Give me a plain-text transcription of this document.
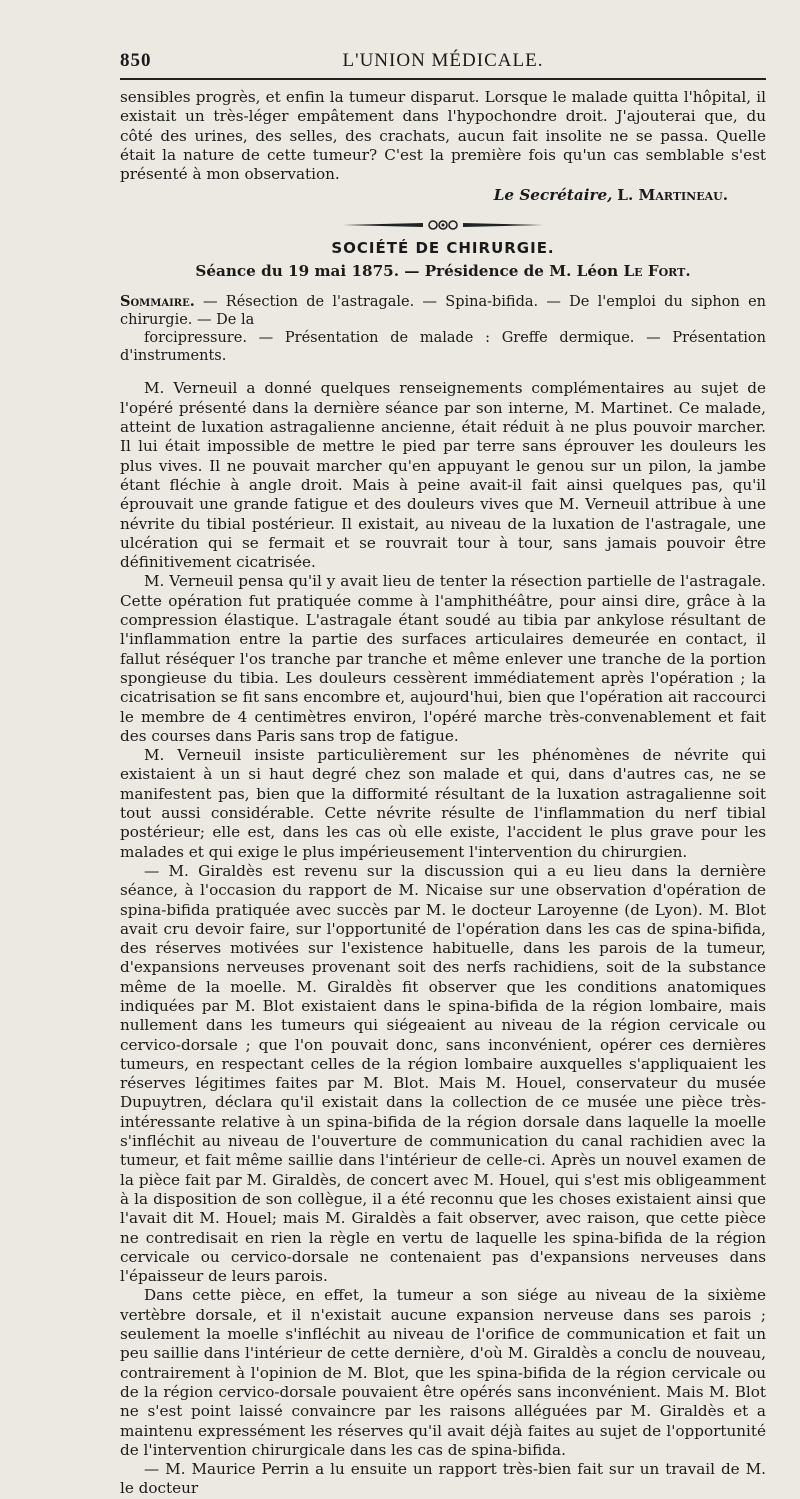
850	L'UNION MÉDICALE.

sensibles progrès, et enfin la tumeur disparut. Lorsque le malade quitta l'hôpital, il existait un très-léger empâtement dans l'hypochondre droit. J'ajouterai que, du côté des urines, des selles, des crachats, aucun fait insolite ne se passa. Quelle était la nature de cette tumeur? C'est la première fois qu'un cas semblable s'est présenté à mon observation.

Le Secrétaire, L. Martineau.
SOCIÉTÉ DE CHIRURGIE.
Séance du 19 mai 1875. — Présidence de M. Léon Le Fort.
Sommaire. — Résection de l'astragale. — Spina-bifida. — De l'emploi du siphon en chirurgie. — De la
forcipressure. — Présentation de malade : Greffe dermique. — Présentation d'instruments.

M. Verneuil a donné quelques renseignements complémentaires au sujet de l'opéré présenté dans la dernière séance par son interne, M. Martinet. Ce malade, atteint de luxation astragalienne ancienne, était réduit à ne plus pouvoir marcher. Il lui était impossible de mettre le pied par terre sans éprouver les douleurs les plus vives. Il ne pouvait marcher qu'en appuyant le genou sur un pilon, la jambe étant fléchie à angle droit. Mais à peine avait-il fait ainsi quelques pas, qu'il éprouvait une grande fatigue et des douleurs vives que M. Verneuil attribue à une névrite du tibial postérieur. Il existait, au niveau de la luxation de l'astragale, une ulcération qui se fermait et se rouvrait tour à tour, sans jamais pouvoir être définitivement cicatrisée.

M. Verneuil pensa qu'il y avait lieu de tenter la résection partielle de l'astragale. Cette opération fut pratiquée comme à l'amphithéâtre, pour ainsi dire, grâce à la compression élastique. L'astragale étant soudé au tibia par ankylose résultant de l'inflammation entre la partie des surfaces articulaires demeurée en contact, il fallut réséquer l'os tranche par tranche et même enlever une tranche de la portion spongieuse du tibia. Les douleurs cessèrent immédiatement après l'opération ; la cicatrisation se fit sans encombre et, aujourd'hui, bien que l'opération ait raccourci le membre de 4 centimètres environ, l'opéré marche très-convenablement et fait des courses dans Paris sans trop de fatigue.

M. Verneuil insiste particulièrement sur les phénomènes de névrite qui existaient à un si haut degré chez son malade et qui, dans d'autres cas, ne se manifestent pas, bien que la difformité résultant de la luxation astragalienne soit tout aussi considérable. Cette névrite résulte de l'inflammation du nerf tibial postérieur; elle est, dans les cas où elle existe, l'accident le plus grave pour les malades et qui exige le plus impérieusement l'intervention du chirurgien.

— M. Giraldès est revenu sur la discussion qui a eu lieu dans la dernière séance, à l'occasion du rapport de M. Nicaise sur une observation d'opération de spina-bifida pratiquée avec succès par M. le docteur Laroyenne (de Lyon). M. Blot avait cru devoir faire, sur l'opportunité de l'opération dans les cas de spina-bifida, des réserves motivées sur l'existence habituelle, dans les parois de la tumeur, d'expansions nerveuses provenant soit des nerfs rachidiens, soit de la substance même de la moelle. M. Giraldès fit observer que les conditions anatomiques indiquées par M. Blot existaient dans le spina-bifida de la région lombaire, mais nullement dans les tumeurs qui siégeaient au niveau de la région cervicale ou cervico-dorsale ; que l'on pouvait donc, sans inconvénient, opérer ces dernières tumeurs, en respectant celles de la région lombaire auxquelles s'appliquaient les réserves légitimes faites par M. Blot. Mais M. Houel, conservateur du musée Dupuytren, déclara qu'il existait dans la collection de ce musée une pièce très-intéressante relative à un spina-bifida de la région dorsale dans laquelle la moelle s'infléchit au niveau de l'ouverture de communication du canal rachidien avec la tumeur, et fait même saillie dans l'intérieur de celle-ci. Après un nouvel examen de la pièce fait par M. Giraldès, de concert avec M. Houel, qui s'est mis obligeamment à la disposition de son collègue, il a été reconnu que les choses existaient ainsi que l'avait dit M. Houel; mais M. Giraldès a fait observer, avec raison, que cette pièce ne contredisait en rien la règle en vertu de laquelle les spina-bifida de la région cervicale ou cervico-dorsale ne contenaient pas d'expansions nerveuses dans l'épaisseur de leurs parois.

Dans cette pièce, en effet, la tumeur a son siége au niveau de la sixième vertèbre dorsale, et il n'existait aucune expansion nerveuse dans ses parois ; seulement la moelle s'infléchit au niveau de l'orifice de communication et fait un peu saillie dans l'intérieur de cette dernière, d'où M. Giraldès a conclu de nouveau, contrairement à l'opinion de M. Blot, que les spina-bifida de la région cervicale ou de la région cervico-dorsale pouvaient être opérés sans inconvénient. Mais M. Blot ne s'est point laissé convaincre par les raisons alléguées par M. Giraldès et a maintenu expressément les réserves qu'il avait déjà faites au sujet de l'opportunité de l'intervention chirurgicale dans les cas de spina-bifida.

— M. Maurice Perrin a lu ensuite un rapport très-bien fait sur un travail de M. le docteur
